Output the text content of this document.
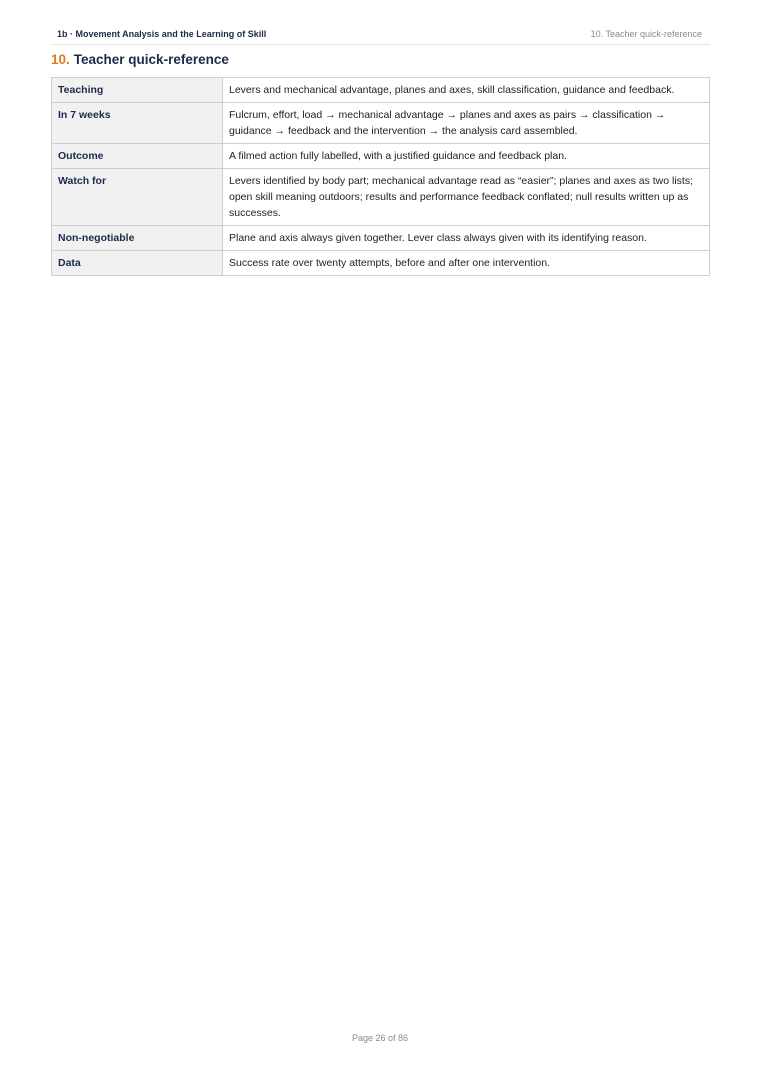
1b · Movement Analysis and the Learning of Skill	10. Teacher quick-reference
10. Teacher quick-reference
Teaching	Levers and mechanical advantage, planes and axes, skill classification, guidance and feedback.
In 7 weeks	Fulcrum, effort, load → mechanical advantage → planes and axes as pairs → classification → guidance → feedback and the intervention → the analysis card assembled.
Outcome	A filmed action fully labelled, with a justified guidance and feedback plan.
Watch for	Levers identified by body part; mechanical advantage read as “easier”; planes and axes as two lists; open skill meaning outdoors; results and performance feedback conflated; null results written up as successes.
Non-negotiable	Plane and axis always given together. Lever class always given with its identifying reason.
Data	Success rate over twenty attempts, before and after one intervention.
Page 26 of 86
